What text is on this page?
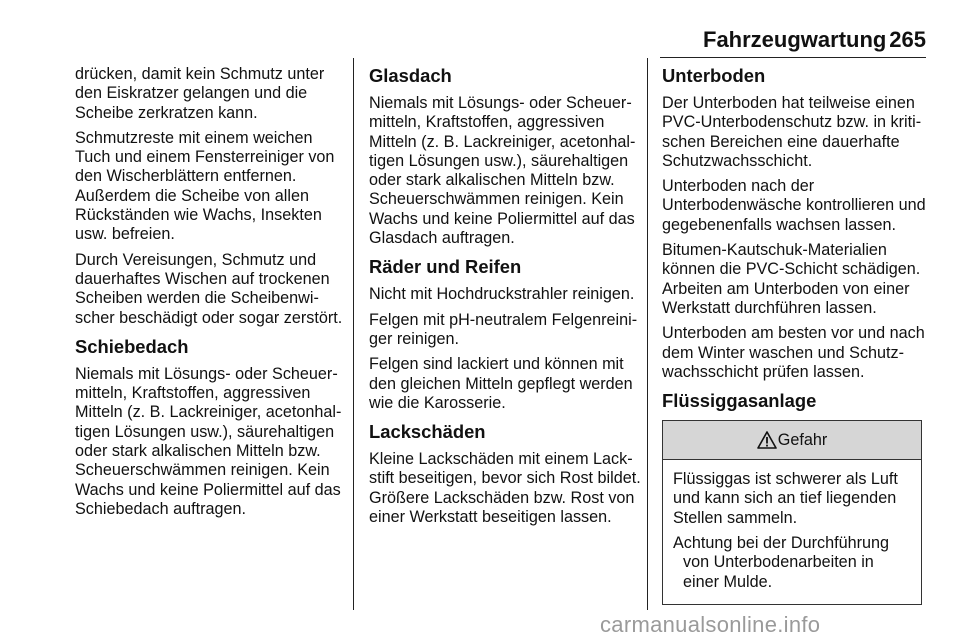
Fahrzeugwartung 265

drücken, damit kein Schmutz unter den Eiskratzer gelangen und die Scheibe zerkratzen kann.

Schmutzreste mit einem weichen Tuch und einem Fensterreiniger von den Wischerblättern entfernen. Außerdem die Scheibe von allen Rückständen wie Wachs, Insekten usw. befreien.

Durch Vereisungen, Schmutz und dauerhaftes Wischen auf trockenen Scheiben werden die Scheibenwischer beschädigt oder sogar zerstört.

Schiebedach

Niemals mit Lösungs- oder Scheuermitteln, Kraftstoffen, aggressiven Mitteln (z. B. Lackreiniger, acetonhaltigen Lösungen usw.), säurehaltigen oder stark alkalischen Mitteln bzw. Scheuerschwämmen reinigen. Kein Wachs und keine Poliermittel auf das Schiebedach auftragen.

Glasdach

Niemals mit Lösungs- oder Scheuermitteln, Kraftstoffen, aggressiven Mitteln (z. B. Lackreiniger, acetonhaltigen Lösungen usw.), säurehaltigen oder stark alkalischen Mitteln bzw. Scheuerschwämmen reinigen. Kein Wachs und keine Poliermittel auf das Glasdach auftragen.

Räder und Reifen

Nicht mit Hochdruckstrahler reinigen.

Felgen mit pH-neutralem Felgenreiniger reinigen.

Felgen sind lackiert und können mit den gleichen Mitteln gepflegt werden wie die Karosserie.

Lackschäden

Kleine Lackschäden mit einem Lackstift beseitigen, bevor sich Rost bildet. Größere Lackschäden bzw. Rost von einer Werkstatt beseitigen lassen.

Unterboden

Der Unterboden hat teilweise einen PVC-Unterbodenschutz bzw. in kritischen Bereichen eine dauerhafte Schutzwachsschicht.

Unterboden nach der Unterbodenwäsche kontrollieren und gegebenenfalls wachsen lassen.

Bitumen-Kautschuk-Materialien können die PVC-Schicht schädigen. Arbeiten am Unterboden von einer Werkstatt durchführen lassen.

Unterboden am besten vor und nach dem Winter waschen und Schutzwachsschicht prüfen lassen.

Flüssiggasanlage
Gefahr

Flüssiggas ist schwerer als Luft und kann sich an tief liegenden Stellen sammeln.

Achtung bei der Durchführung von Unterbodenarbeiten in einer Mulde.

carmanualsonline.info
